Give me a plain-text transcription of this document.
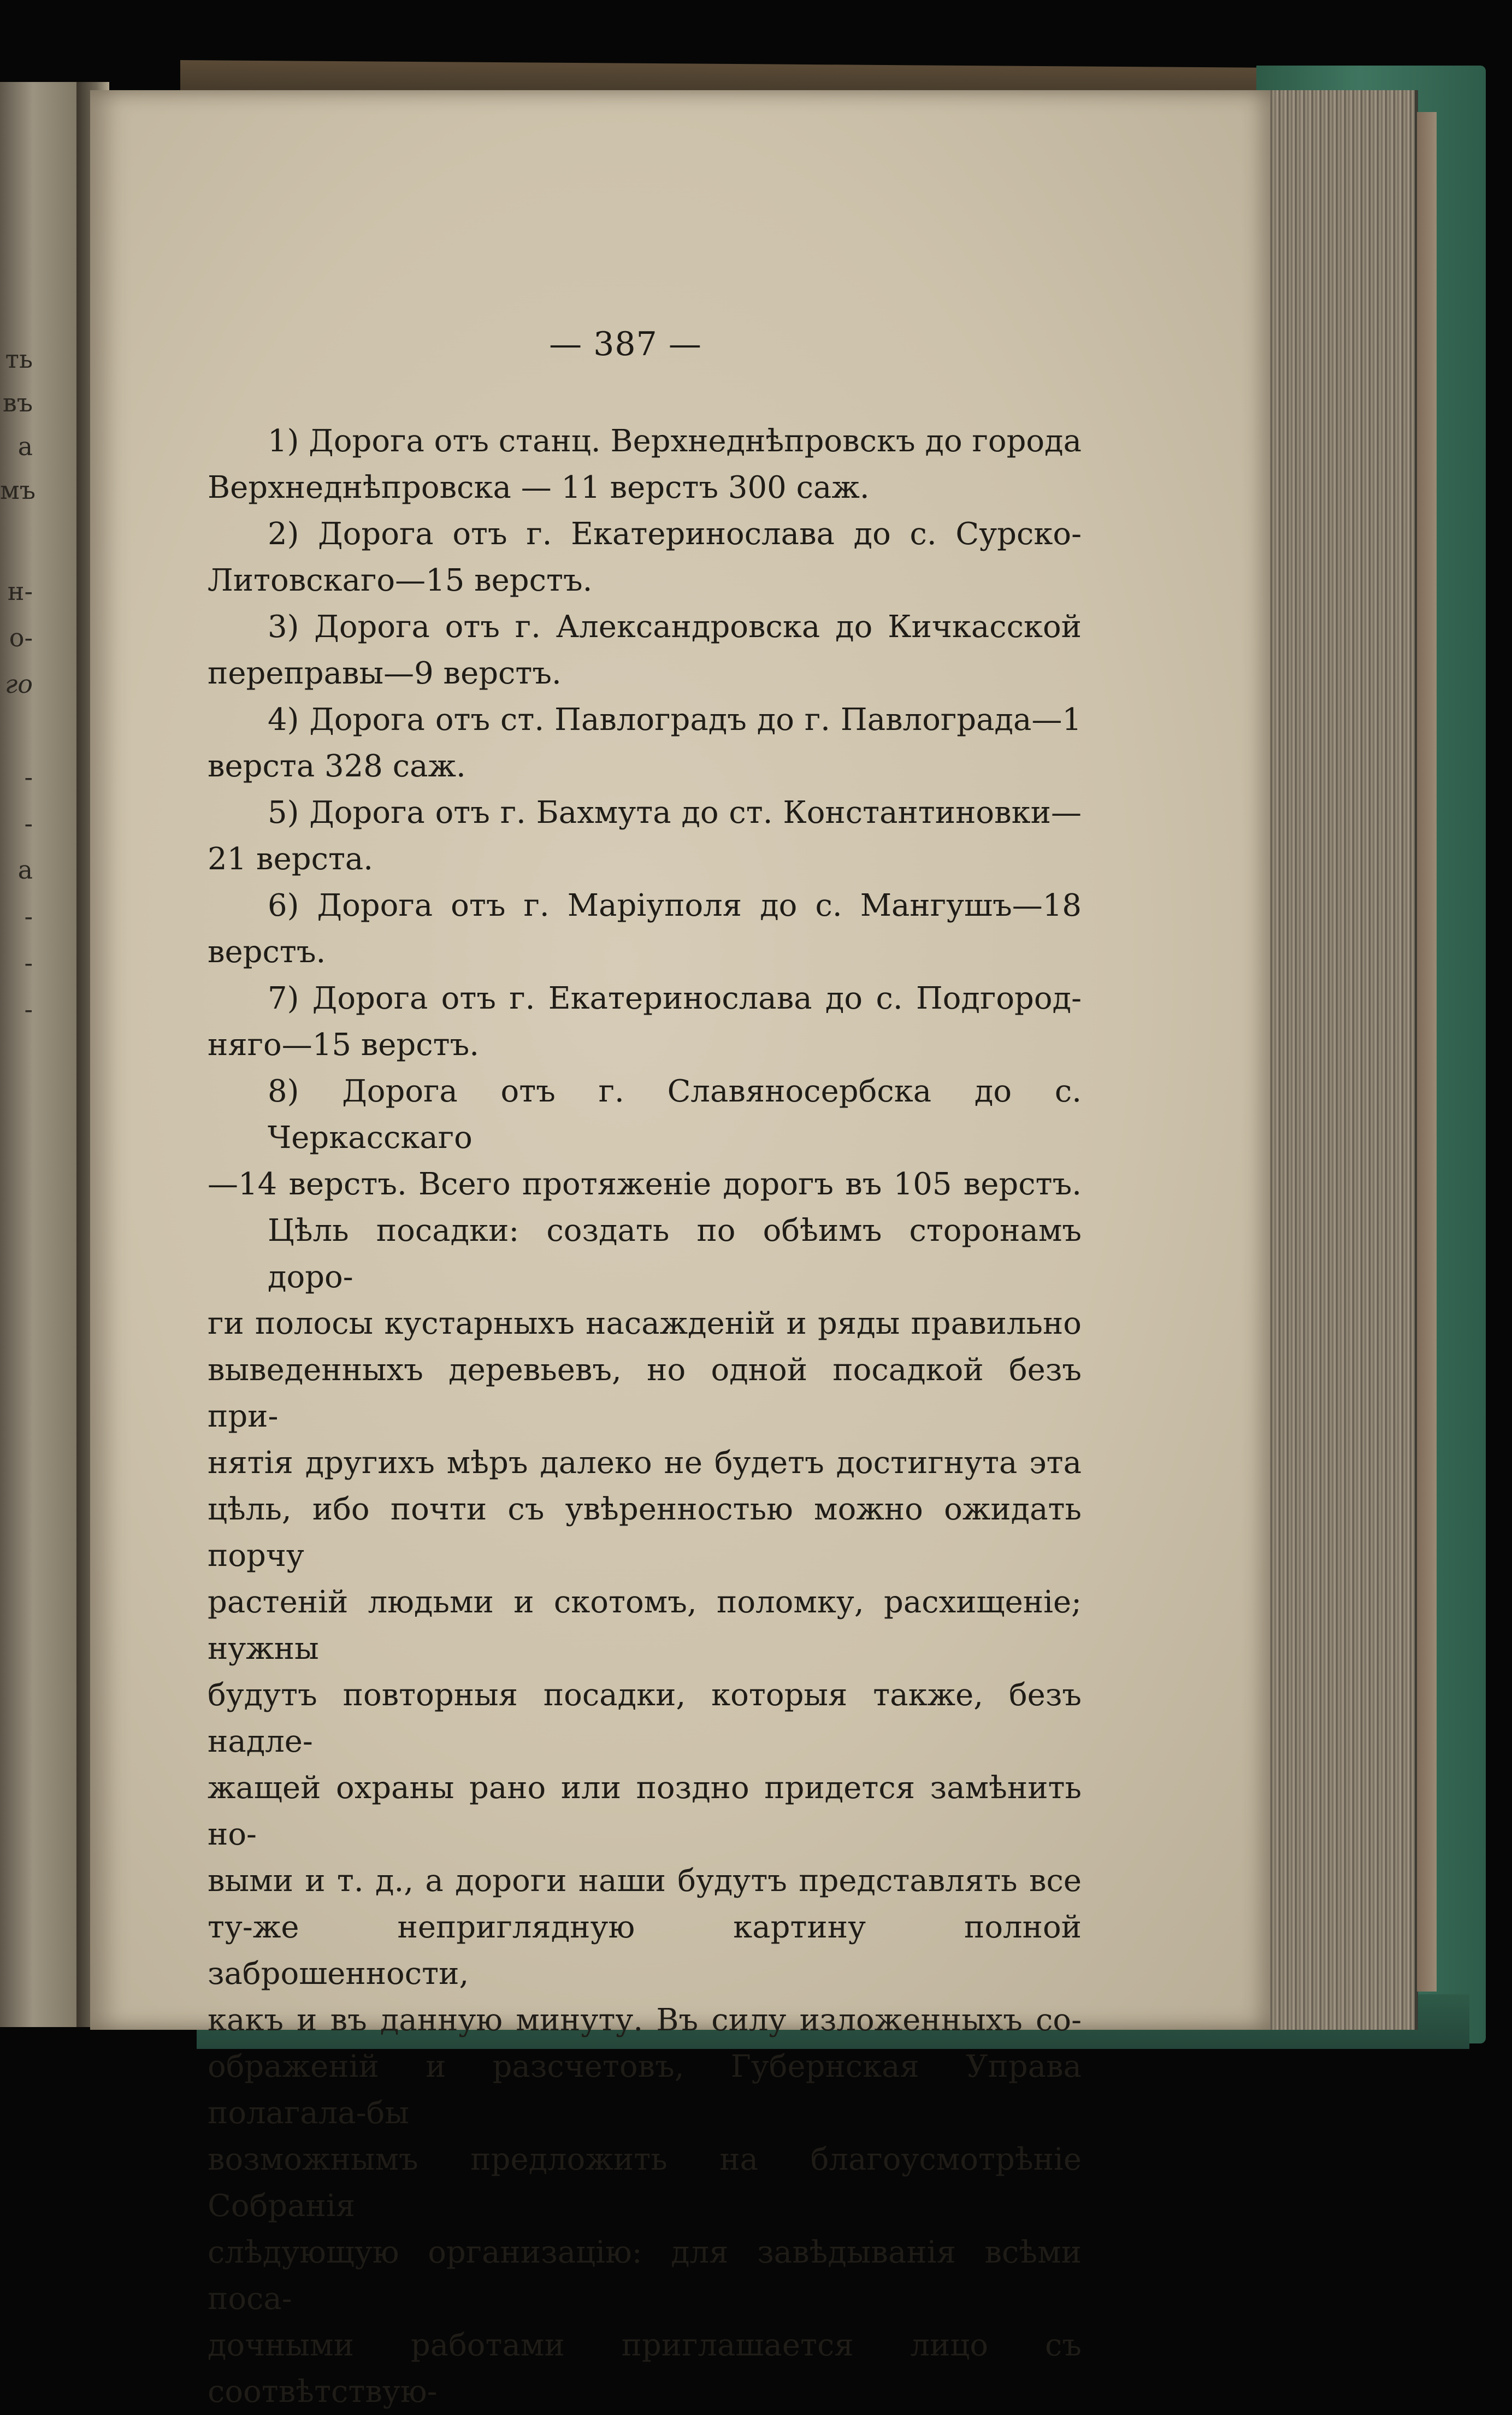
ть
въ
а
мъ
н-
о-
го
-
-
а
-
-
-
— 387 —
1) Дорога отъ станц. Верхнеднѣпровскъ до города
Верхнеднѣпровска — 11 верстъ 300 саж.
2) Дорога отъ г. Екатеринослава до с. Сурско-
Литовскаго—15 верстъ.
3) Дорога отъ г. Александровска до Кичкасской
переправы—9 верстъ.
4) Дорога отъ ст. Павлоградъ до г. Павлограда—1
верста 328 саж.
5) Дорога отъ г. Бахмута до ст. Константиновки—
21 верста.
6) Дорога отъ г. Маріуполя до с. Мангушъ—18
верстъ.
7) Дорога отъ г. Екатеринослава до с. Подгород-
няго—15 верстъ.
8) Дорога отъ г. Славяносербска до с. Черкасскаго
—14 верстъ. Всего протяженіе дорогъ въ 105 верстъ.
Цѣль посадки: создать по обѣимъ сторонамъ доро-
ги полосы кустарныхъ насажденій и ряды правильно
выведенныхъ деревьевъ, но одной посадкой безъ при-
нятія другихъ мѣръ далеко не будетъ достигнута эта
цѣль, ибо почти съ увѣренностью можно ожидать порчу
растеній людьми и скотомъ, поломку, расхищеніе; нужны
будутъ повторныя посадки, которыя также, безъ надле-
жащей охраны рано или поздно придется замѣнить но-
выми и т. д., а дороги наши будутъ представлять все
ту-же неприглядную картину полной заброшенности,
какъ и въ данную минуту. Въ силу изложенныхъ со-
ображеній и разсчетовъ, Губернская Управа полагала-бы
возможнымъ предложить на благоусмотрѣніе Собранія
слѣдующую организацію: для завѣдыванія всѣми поса-
дочными работами приглашается лицо съ соотвѣтствую-
